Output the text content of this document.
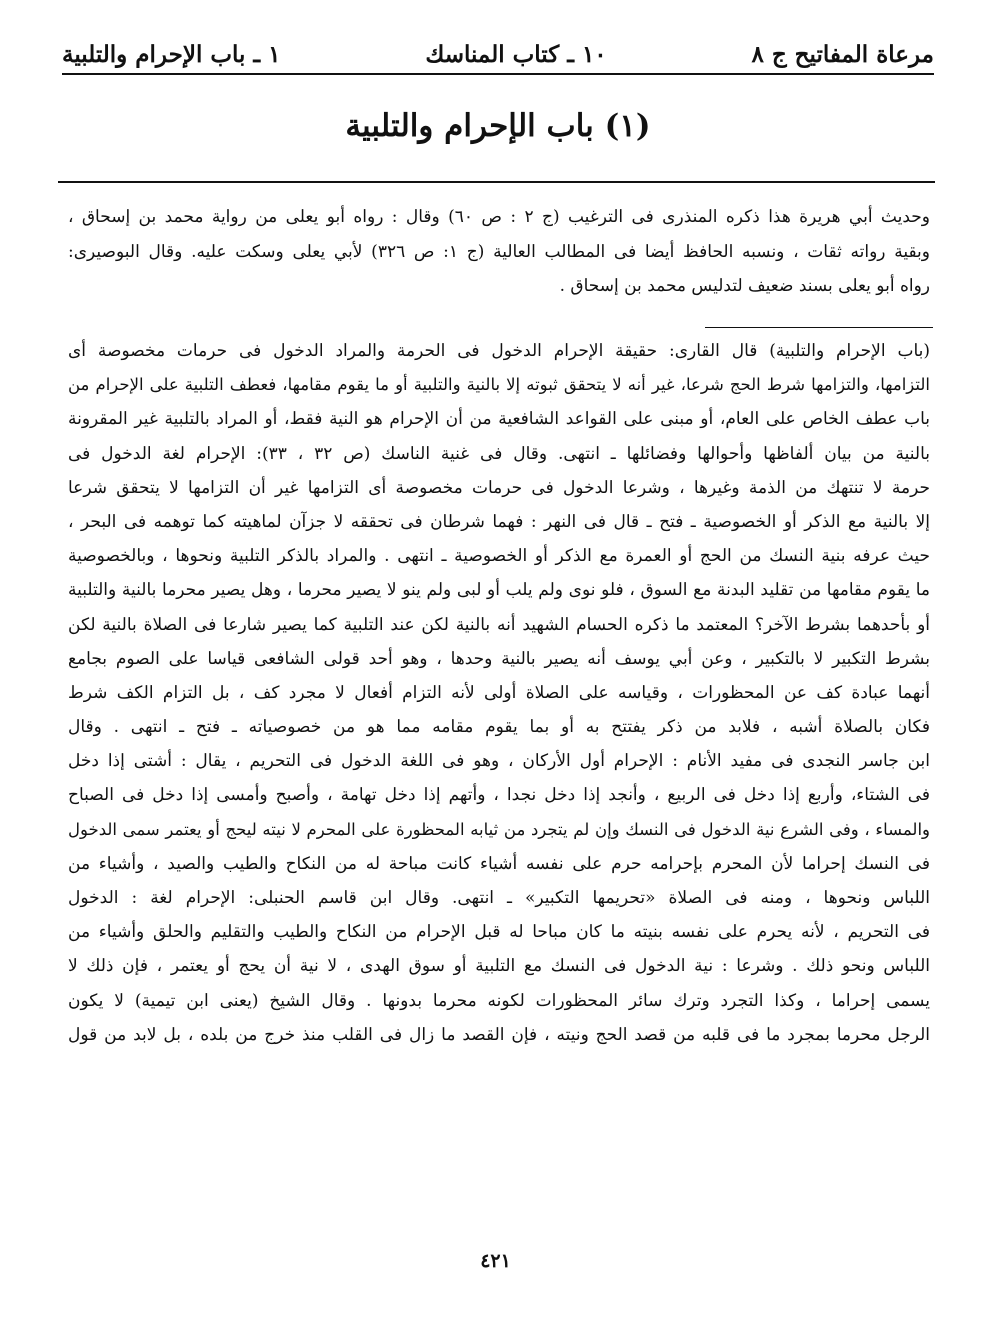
مرعاة المفاتيح ج ٨
١٠ ـ كتاب المناسك
١ ـ باب الإحرام والتلبية
(١) باب الإحرام والتلبية
وحديث أبي هريرة هذا ذكره المنذرى فى الترغيب (ج ٢ : ص ٦٠) وقال : رواه أبو يعلى من رواية محمد بن إسحاق ،
وبقية رواته ثقات ، ونسبه الحافظ أيضا فى المطالب العالية (ج ١: ص ٣٢٦) لأبي يعلى وسكت عليه. وقال البوصيرى:
رواه أبو يعلى بسند ضعيف لتدليس محمد بن إسحاق .
(باب الإحرام والتلبية) قال القارى: حقيقة الإحرام الدخول فى الحرمة والمراد الدخول فى حرمات مخصوصة أى
التزامها، والتزامها شرط الحج شرعا، غير أنه لا يتحقق ثبوته إلا بالنية والتلبية أو ما يقوم مقامها، فعطف التلبية على الإحرام من
باب عطف الخاص على العام، أو مبنى على القواعد الشافعية من أن الإحرام هو النية فقط، أو المراد بالتلبية غير المقرونة
بالنية من بيان ألفاظها وأحوالها وفضائلها ـ انتهى. وقال فى غنية الناسك (ص ٣٢ ، ٣٣): الإحرام لغة الدخول فى
حرمة لا تنتهك من الذمة وغيرها ، وشرعا الدخول فى حرمات مخصوصة أى التزامها غير أن التزامها لا يتحقق شرعا
إلا بالنية مع الذكر أو الخصوصية ـ فتح ـ قال فى النهر : فهما شرطان فى تحققه لا جزآن لماهيته كما توهمه فى البحر ،
حيث عرفه بنية النسك من الحج أو العمرة مع الذكر أو الخصوصية ـ انتهى . والمراد بالذكر التلبية ونحوها ، وبالخصوصية
ما يقوم مقامها من تقليد البدنة مع السوق ، فلو نوى ولم يلب أو لبى ولم ينو لا يصير محرما ، وهل يصير محرما بالنية والتلبية
أو بأحدهما بشرط الآخر؟ المعتمد ما ذكره الحسام الشهيد أنه بالنية لكن عند التلبية كما يصير شارعا فى الصلاة بالنية لكن
بشرط التكبير لا بالتكبير ، وعن أبي يوسف أنه يصير بالنية وحدها ، وهو أحد قولى الشافعى قياسا على الصوم بجامع
أنهما عبادة كف عن المحظورات ، وقياسه على الصلاة أولى لأنه التزام أفعال لا مجرد كف ، بل التزام الكف شرط
فكان بالصلاة أشبه ، فلابد من ذكر يفتتح به أو بما يقوم مقامه مما هو من خصوصياته ـ فتح ـ انتهى . وقال
ابن جاسر النجدى فى مفيد الأنام : الإحرام أول الأركان ، وهو فى اللغة الدخول فى التحريم ، يقال : أشتى إذا دخل
فى الشتاء، وأربع إذا دخل فى الربيع ، وأنجد إذا دخل نجدا ، وأتهم إذا دخل تهامة ، وأصبح وأمسى إذا دخل فى الصباح
والمساء ، وفى الشرع نية الدخول فى النسك وإن لم يتجرد من ثيابه المحظورة على المحرم لا نيته ليحج أو يعتمر سمى الدخول
فى النسك إحراما لأن المحرم بإحرامه حرم على نفسه أشياء كانت مباحة له من النكاح والطيب والصيد ، وأشياء من
اللباس ونحوها ، ومنه فى الصلاة «تحريمها التكبير» ـ انتهى. وقال ابن قاسم الحنبلى: الإحرام لغة : الدخول
فى التحريم ، لأنه يحرم على نفسه بنيته ما كان مباحا له قبل الإحرام من النكاح والطيب والتقليم والحلق وأشياء من
اللباس ونحو ذلك . وشرعا : نية الدخول فى النسك مع التلبية أو سوق الهدى ، لا نية أن يحج أو يعتمر ، فإن ذلك لا
يسمى إحراما ، وكذا التجرد وترك سائر المحظورات لكونه محرما بدونها . وقال الشيخ (يعنى ابن تيمية) لا يكون
الرجل محرما بمجرد ما فى قلبه من قصد الحج ونيته ، فإن القصد ما زال فى القلب منذ خرج من بلده ، بل لابد من قول
٤٢١
